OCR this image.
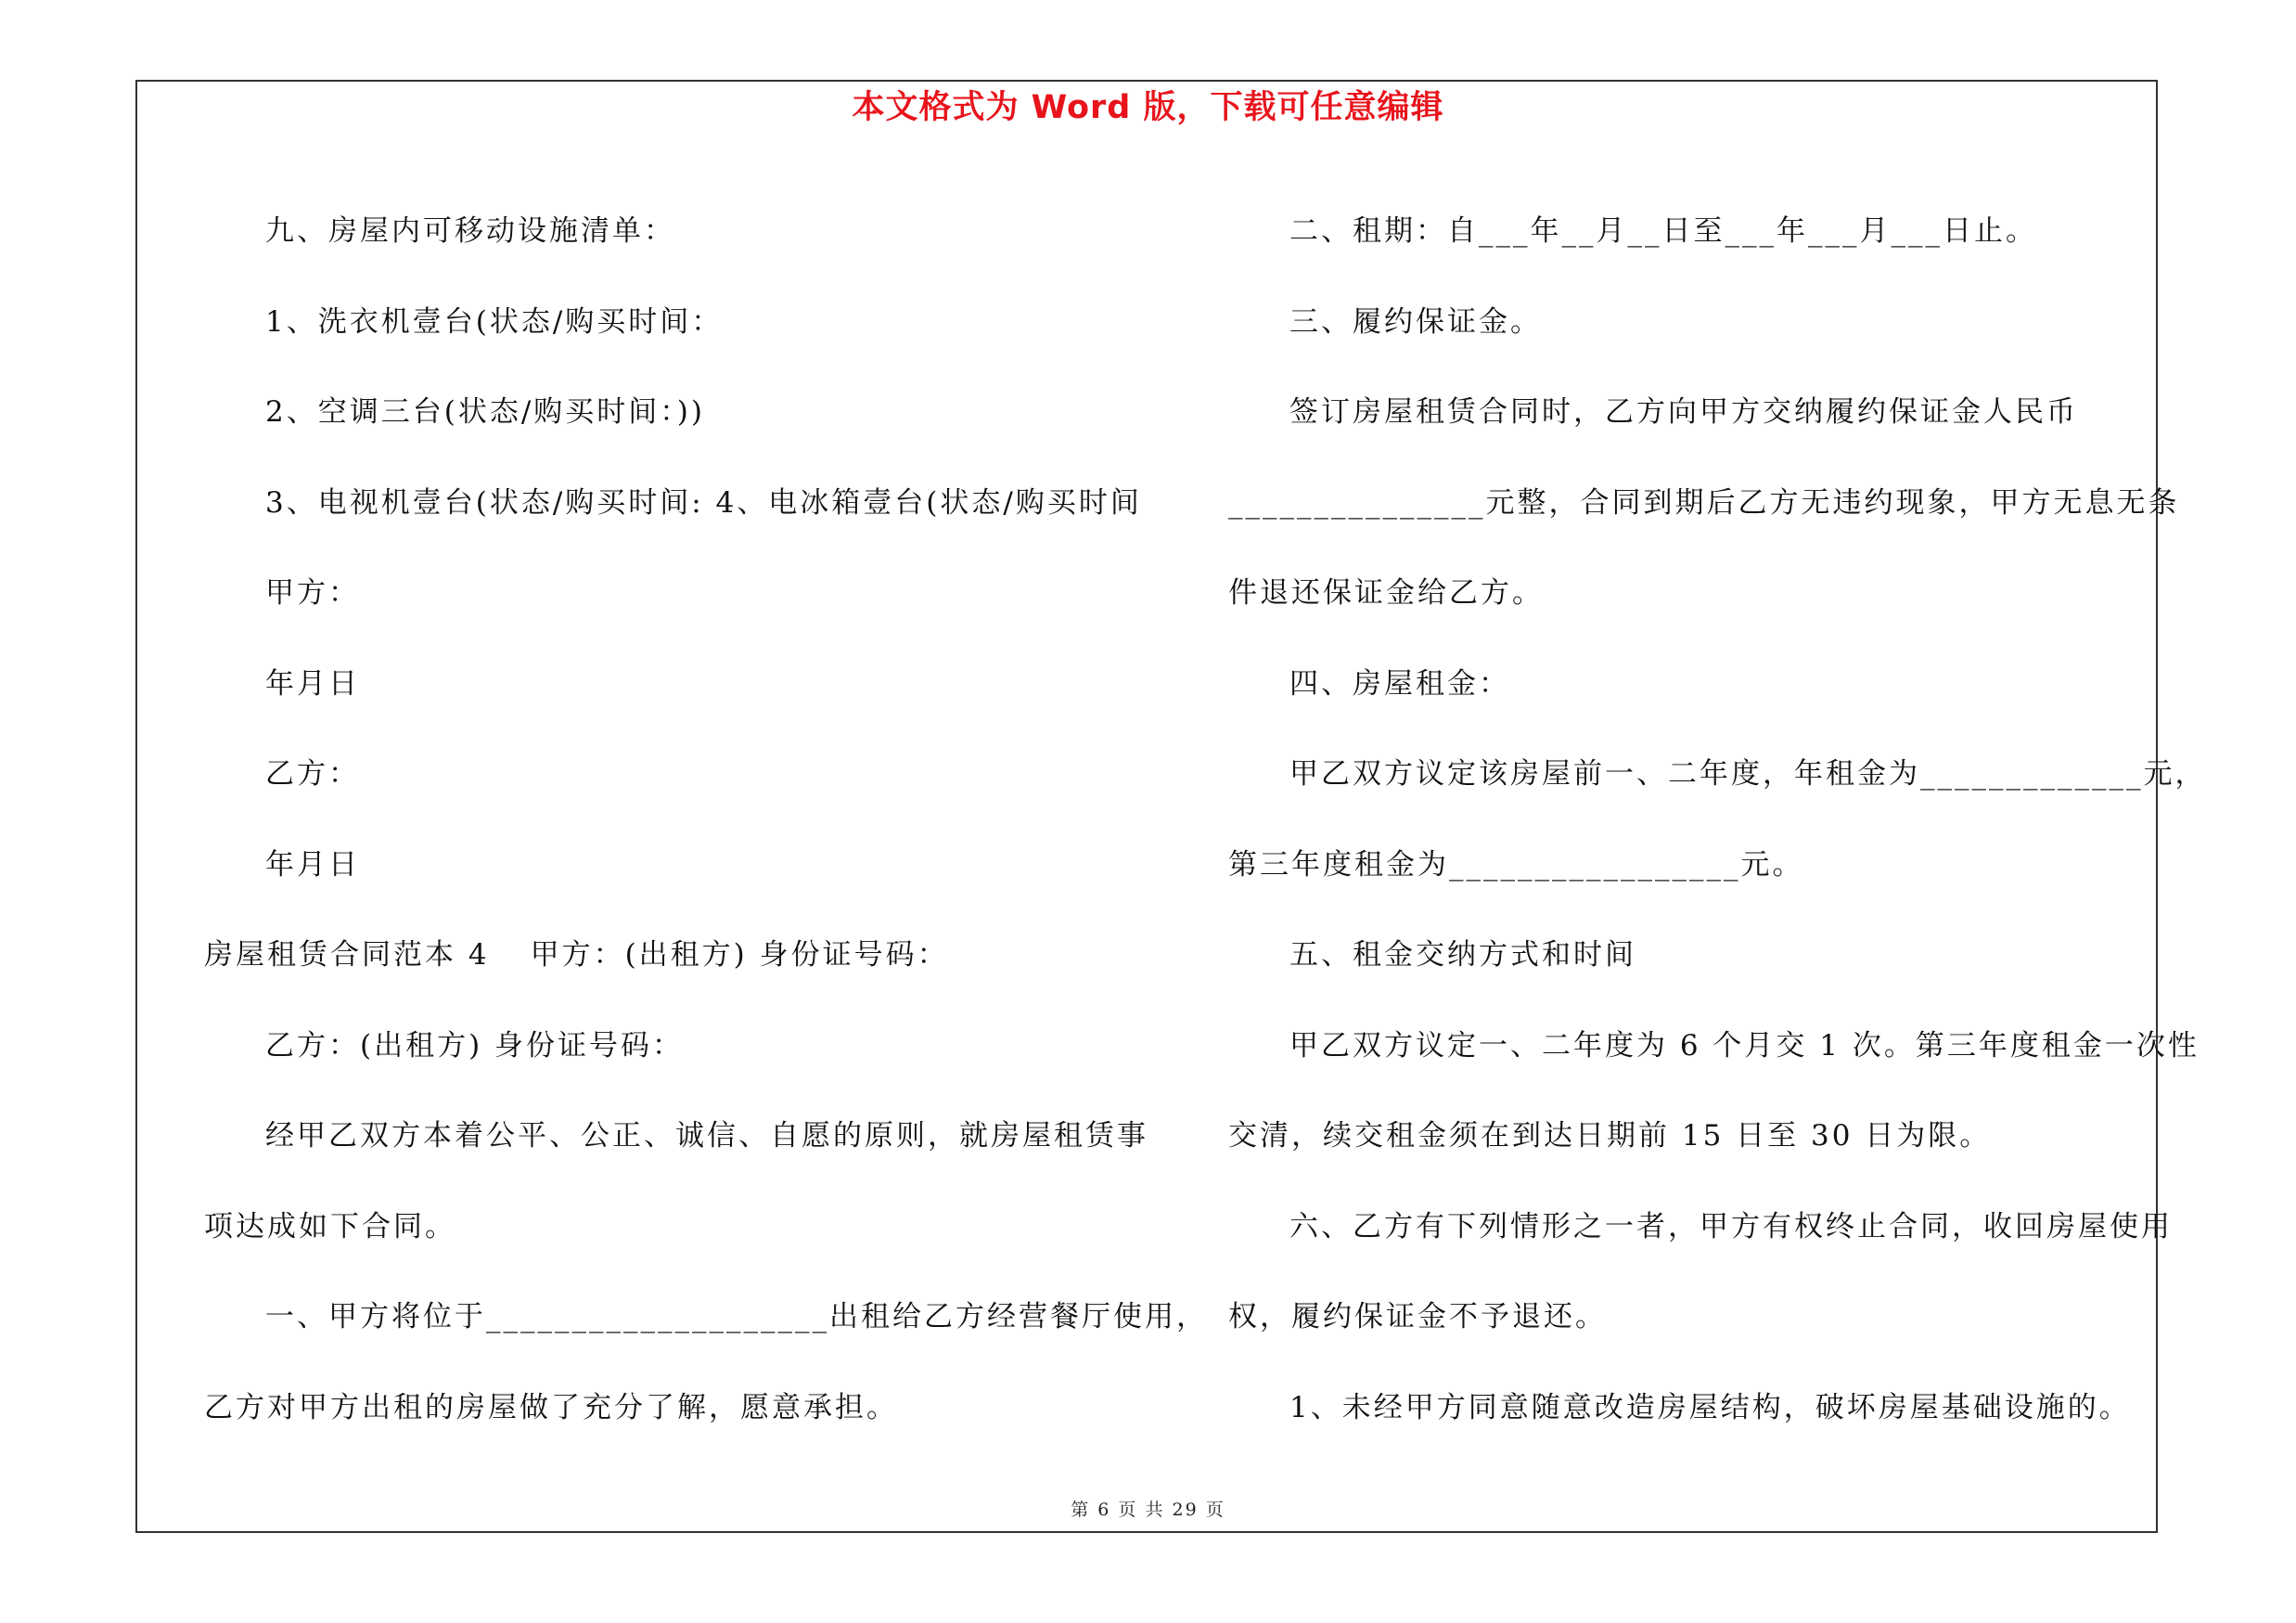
本文格式为 Word 版，下载可任意编辑

九、房屋内可移动设施清单：

1、洗衣机壹台(状态/购买时间：

2、空调三台(状态/购买时间：))

3、电视机壹台(状态/购买时间: 4、电冰箱壹台(状态/购买时间

甲方：

年月日

乙方：

年月日

房屋租赁合同范本 4 甲方：(出租方) 身份证号码：

乙方：(出租方) 身份证号码：

经甲乙双方本着公平、公正、诚信、自愿的原则，就房屋租赁事

项达成如下合同。

一、甲方将位于____________________出租给乙方经营餐厅使用，

乙方对甲方出租的房屋做了充分了解，愿意承担。

二、租期：自___年__月__日至___年___月___日止。

三、履约保证金。

签订房屋租赁合同时，乙方向甲方交纳履约保证金人民币

_______________元整，合同到期后乙方无违约现象，甲方无息无条

件退还保证金给乙方。

四、房屋租金：

甲乙双方议定该房屋前一、二年度，年租金为_____________元，

第三年度租金为_________________元。

五、租金交纳方式和时间

甲乙双方议定一、二年度为 6 个月交 1 次。第三年度租金一次性

交清，续交租金须在到达日期前 15 日至 30 日为限。

六、乙方有下列情形之一者，甲方有权终止合同，收回房屋使用

权，履约保证金不予退还。

1、未经甲方同意随意改造房屋结构，破坏房屋基础设施的。

第 6 页 共 29 页
